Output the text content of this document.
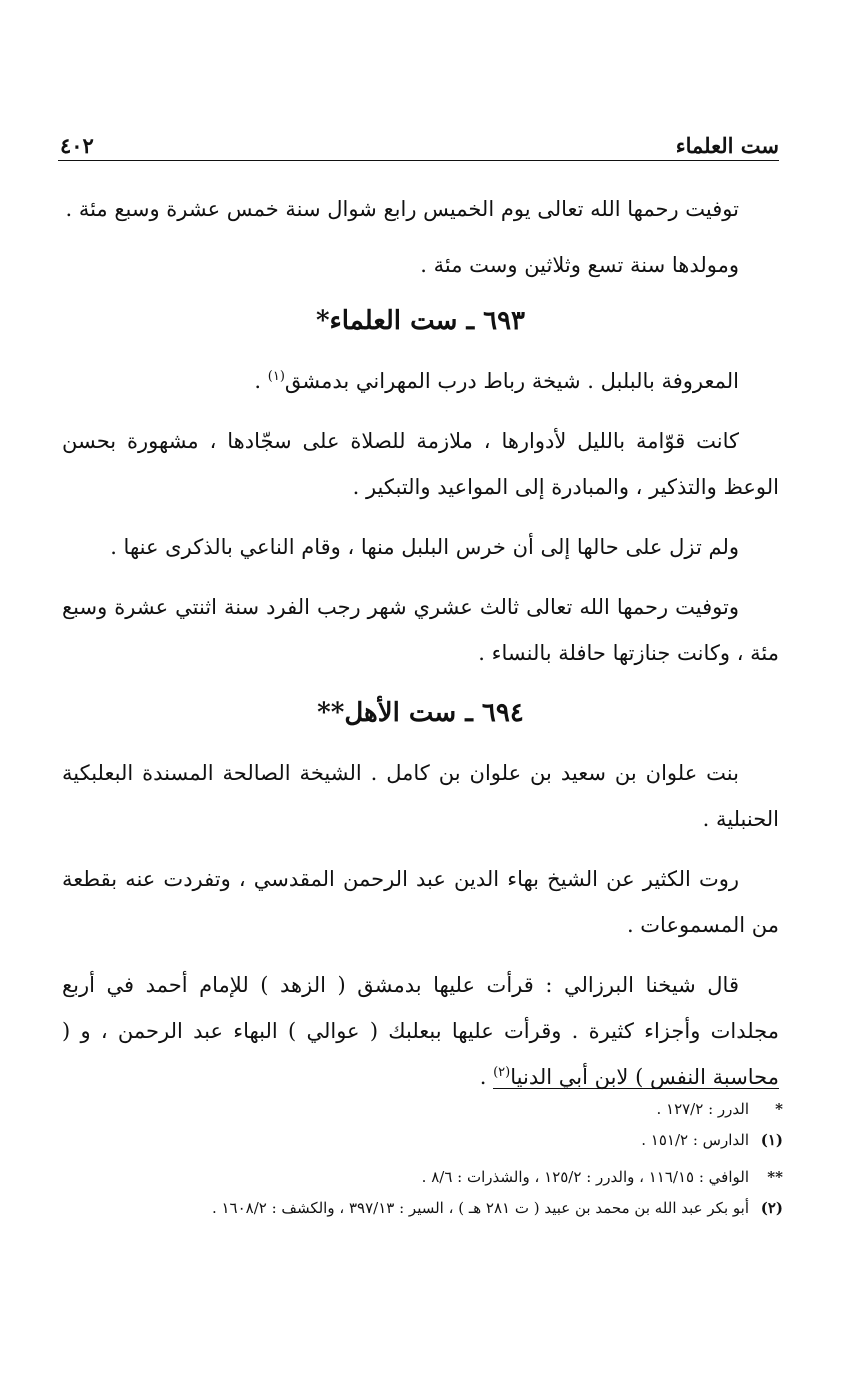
ست العلماء
٤٠٢

توفيت رحمها الله تعالى يوم الخميس رابع شوال سنة خمس عشرة وسبع مئة .

ومولدها سنة تسع وثلاثين وست مئة .

٦٩٣ ـ ست العلماء*

المعروفة بالبلبل . شيخة رباط درب المهراني بدمشق$^{(١)}$ .

كانت قوّامة بالليل لأدوارها ، ملازمة للصلاة على سجّادها ، مشهورة بحسن الوعظ والتذكير ، والمبادرة إلى المواعيد والتبكير .

ولم تزل على حالها إلى أن خرس البلبل منها ، وقام الناعي بالذكرى عنها .

وتوفيت رحمها الله تعالى ثالث عشري شهر رجب الفرد سنة اثنتي عشرة وسبع مئة ، وكانت جنازتها حافلة بالنساء .

٦٩٤ ـ ست الأهل**

بنت علوان بن سعيد بن علوان بن كامل . الشيخة الصالحة المسندة البعلبكية الحنبلية .

روت الكثير عن الشيخ بهاء الدين عبد الرحمن المقدسي ، وتفردت عنه بقطعة من المسموعات .

قال شيخنا البرزالي : قرأت عليها بدمشق ( الزهد ) للإمام أحمد في أربع مجلدات وأجزاء كثيرة . وقرأت عليها ببعلبك ( عوالي ) البهاء عبد الرحمن ، و ( محاسبة النفس ) لابن أبي الدنيا$^{(٢)}$ .

*
الدرر : ١٢٧/٢ .
(١)
الدارس : ١٥١/٢ .
**
الوافي : ١١٦/١٥ ، والدرر : ١٢٥/٢ ، والشذرات : ٨/٦ .
(٢)
أبو بكر عبد الله بن محمد بن عبيد ( ت ٢٨١ هـ ) ، السير : ٣٩٧/١٣ ، والكشف : ١٦٠٨/٢ .
